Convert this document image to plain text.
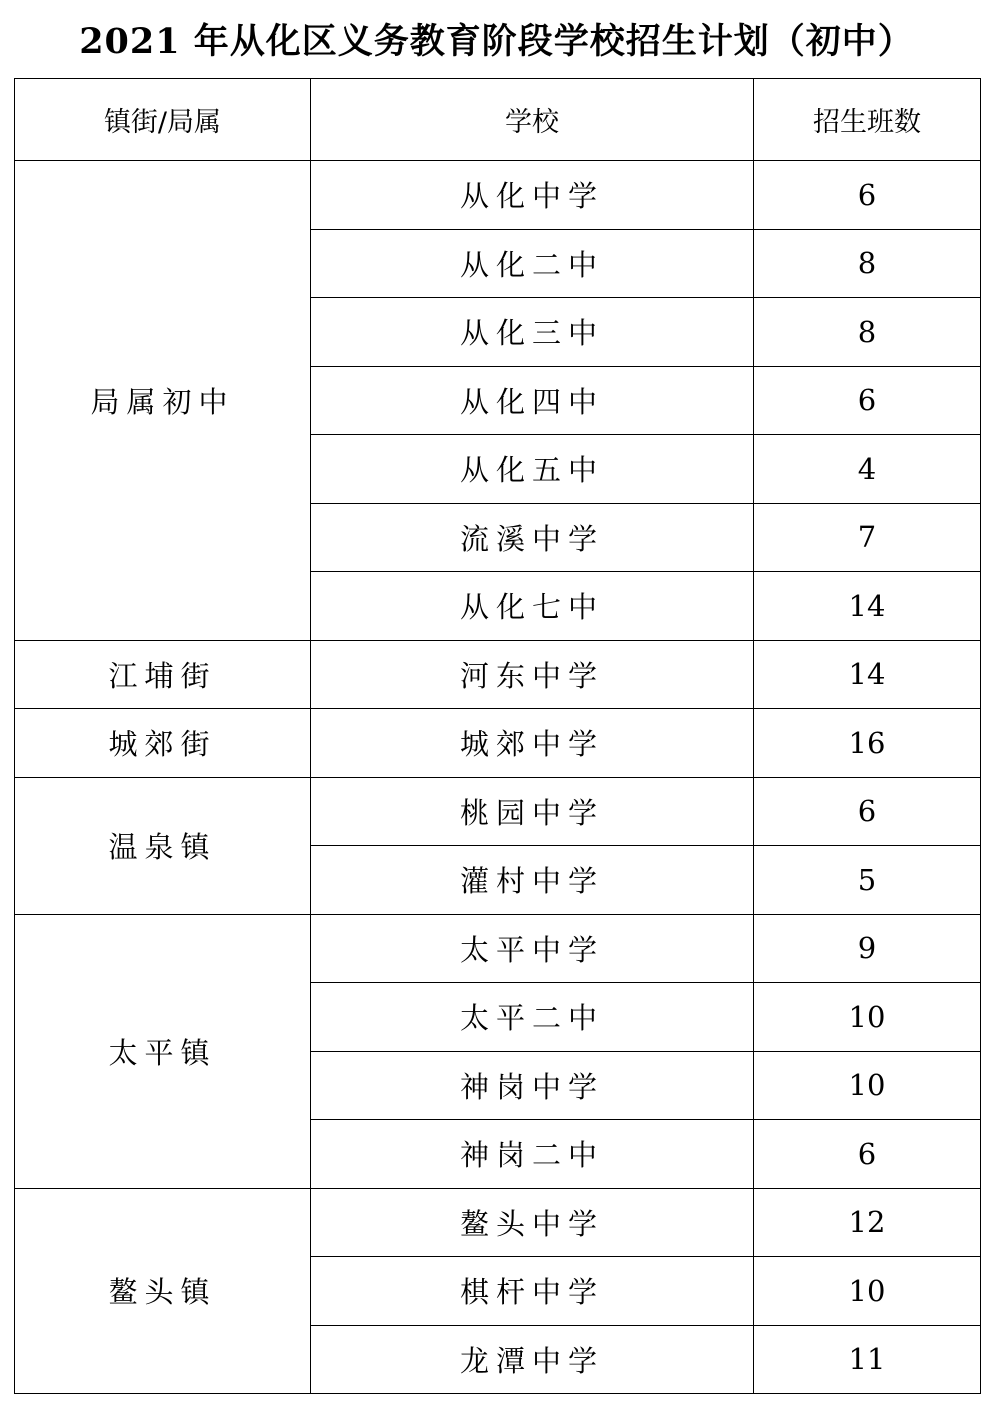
2021 年从化区义务教育阶段学校招生计划（初中）
镇街/局属	学校	招生班数
局属初中	从化中学	6
	从化二中	8
	从化三中	8
	从化四中	6
	从化五中	4
	流溪中学	7
	从化七中	14
江埔街	河东中学	14
城郊街	城郊中学	16
温泉镇	桃园中学	6
	灌村中学	5
太平镇	太平中学	9
	太平二中	10
	神岗中学	10
	神岗二中	6
鳌头镇	鳌头中学	12
	棋杆中学	10
	龙潭中学	11
